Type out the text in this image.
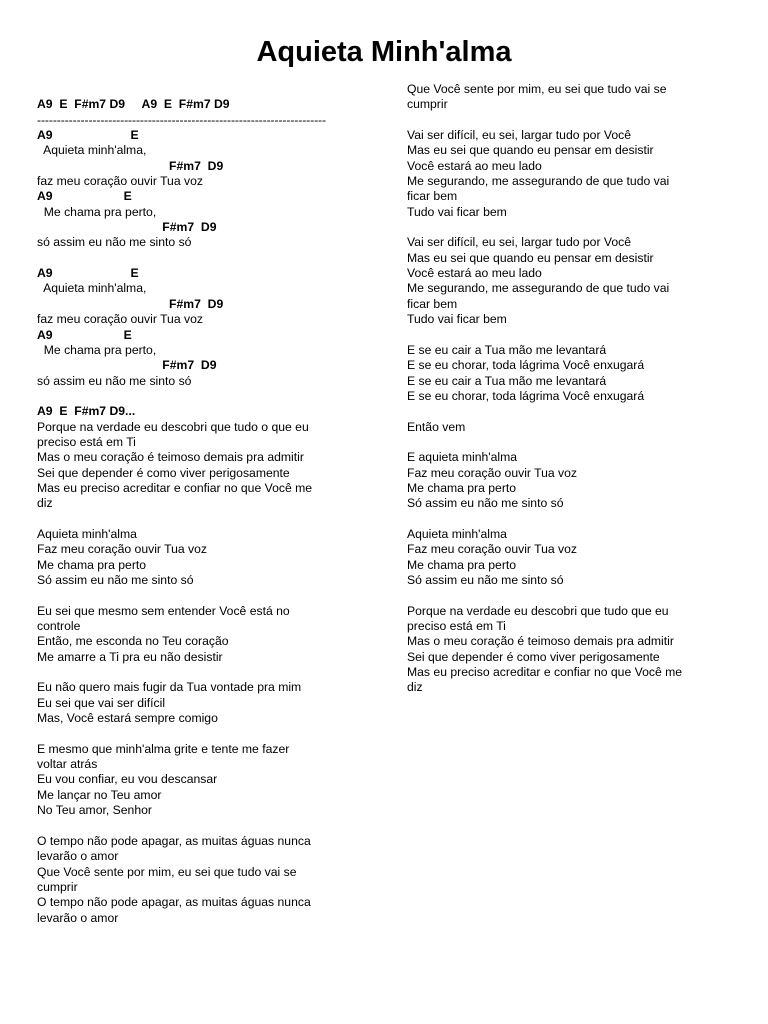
Aquieta Minh'alma
A9  E  F#m7 D9     A9  E  F#m7 D9
-------------------------------------------------------------------------
A9                       E
Aquieta minh'alma,
F#m7  D9
faz meu coração ouvir Tua voz
A9                     E
Me chama pra perto,
F#m7  D9
só assim eu não me sinto só
A9                       E
Aquieta minh'alma,
F#m7  D9
faz meu coração ouvir Tua voz
A9                     E
Me chama pra perto,
F#m7  D9
só assim eu não me sinto só
A9  E  F#m7 D9...
Porque na verdade eu descobri que tudo o que eu
preciso está em Ti
Mas o meu coração é teimoso demais pra admitir
Sei que depender é como viver perigosamente
Mas eu preciso acreditar e confiar no que Você me
diz
Aquieta minh'alma
Faz meu coração ouvir Tua voz
Me chama pra perto
Só assim eu não me sinto só
Eu sei que mesmo sem entender Você está no
controle
Então, me esconda no Teu coração
Me amarre a Ti pra eu não desistir
Eu não quero mais fugir da Tua vontade pra mim
Eu sei que vai ser difícil
Mas, Você estará sempre comigo
E mesmo que minh'alma grite e tente me fazer
voltar atrás
Eu vou confiar, eu vou descansar
Me lançar no Teu amor
No Teu amor, Senhor
O tempo não pode apagar, as muitas águas nunca
levarão o amor
Que Você sente por mim, eu sei que tudo vai se
cumprir
O tempo não pode apagar, as muitas águas nunca
levarão o amor
Que Você sente por mim, eu sei que tudo vai se
cumprir
Vai ser difícil, eu sei, largar tudo por Você
Mas eu sei que quando eu pensar em desistir
Você estará ao meu lado
Me segurando, me assegurando de que tudo vai
ficar bem
Tudo vai ficar bem
Vai ser difícil, eu sei, largar tudo por Você
Mas eu sei que quando eu pensar em desistir
Você estará ao meu lado
Me segurando, me assegurando de que tudo vai
ficar bem
Tudo vai ficar bem
E se eu cair a Tua mão me levantará
E se eu chorar, toda lágrima Você enxugará
E se eu cair a Tua mão me levantará
E se eu chorar, toda lágrima Você enxugará
Então vem
E aquieta minh'alma
Faz meu coração ouvir Tua voz
Me chama pra perto
Só assim eu não me sinto só
Aquieta minh'alma
Faz meu coração ouvir Tua voz
Me chama pra perto
Só assim eu não me sinto só
Porque na verdade eu descobri que tudo que eu
preciso está em Ti
Mas o meu coração é teimoso demais pra admitir
Sei que depender é como viver perigosamente
Mas eu preciso acreditar e confiar no que Você me
diz
